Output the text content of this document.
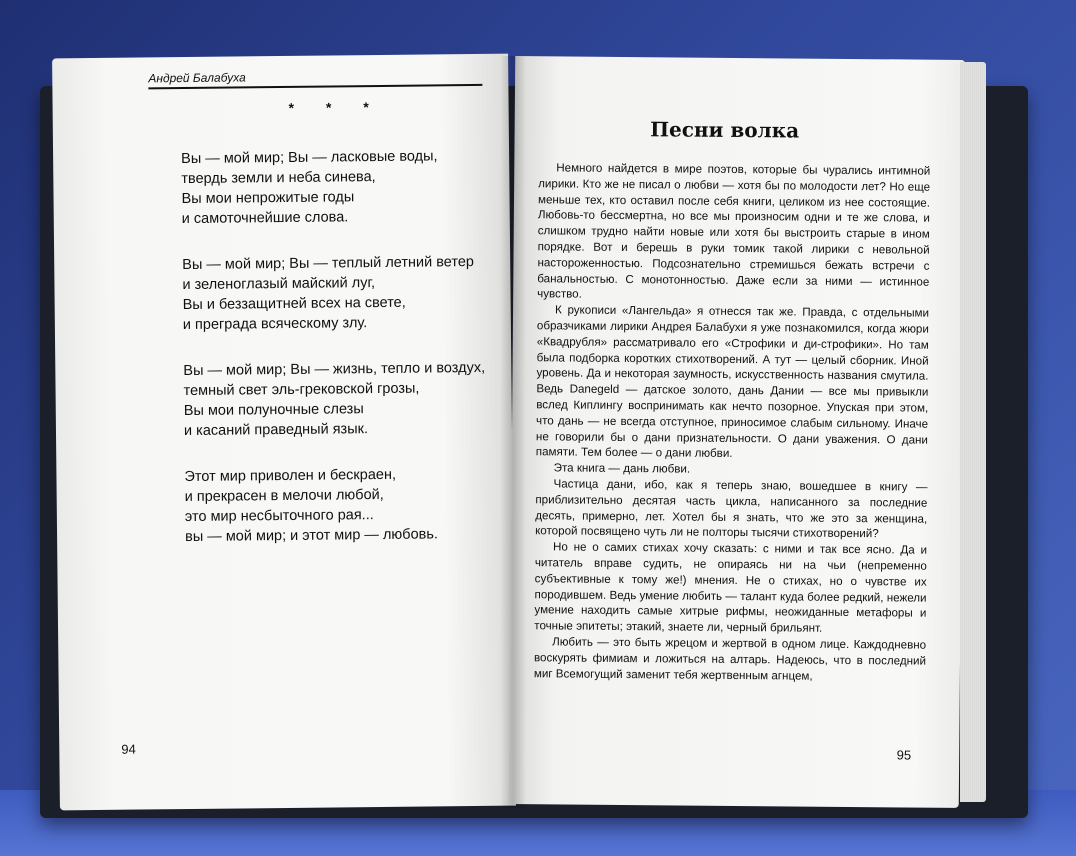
Андрей Балабуха
* * *
Вы — мой мир; Вы — ласковые воды,
твердь земли и неба синева,
Вы мои непрожитые годы
и самоточнейшие слова.
Вы — мой мир; Вы — теплый летний ветер
и зеленоглазый майский луг,
Вы и беззащитней всех на свете,
и преграда всяческому злу.
Вы — мой мир; Вы — жизнь, тепло и воздух,
темный свет эль-грековской грозы,
Вы мои полуночные слезы
и касаний праведный язык.
Этот мир приволен и бескраен,
и прекрасен в мелочи любой,
это мир несбыточного рая...
вы — мой мир; и этот мир — любовь.
94
Песни волка

Немного найдется в мире поэтов, которые бы чурались интимной лирики. Кто же не писал о любви — хотя бы по молодости лет? Но еще меньше тех, кто оставил после себя книги, целиком из нее состоящие. Любовь-то бессмертна, но все мы произносим одни и те же слова, и слишком трудно найти новые или хотя бы выстроить старые в ином порядке. Вот и берешь в руки томик такой лирики с невольной настороженностью. Подсознательно стремишься бежать встречи с банальностью. С монотонностью. Даже если за ними — истинное чувство.

К рукописи «Лангельда» я отнесся так же. Правда, с отдельными образчиками лирики Андрея Балабухи я уже познакомился, когда жюри «Квадрубля» рассматривало его «Строфики и ди-строфики». Но там была подборка коротких стихотворений. А тут — целый сборник. Иной уровень. Да и некоторая заумность, искусственность названия смутила. Ведь Danegeld — датское золото, дань Дании — все мы привыкли вслед Киплингу воспринимать как нечто позорное. Упуская при этом, что дань — не всегда отступное, приносимое слабым сильному. Иначе не говорили бы о дани признательности. О дани уважения. О дани памяти. Тем более — о дани любви.

Эта книга — дань любви.

Частица дани, ибо, как я теперь знаю, вошедшее в книгу — приблизительно десятая часть цикла, написанного за последние десять, примерно, лет. Хотел бы я знать, что же это за женщина, которой посвящено чуть ли не полторы тысячи стихотворений?

Но не о самих стихах хочу сказать: с ними и так все ясно. Да и читатель вправе судить, не опираясь ни на чьи (непременно субъективные к тому же!) мнения. Не о стихах, но о чувстве их породившем. Ведь умение любить — талант куда более редкий, нежели умение находить самые хитрые рифмы, неожиданные метафоры и точные эпитеты; этакий, знаете ли, черный брильянт.

Любить — это быть жрецом и жертвой в одном лице. Каждодневно воскурять фимиам и ложиться на алтарь. Надеюсь, что в последний миг Всемогущий заменит тебя жертвенным агнцем,

95
